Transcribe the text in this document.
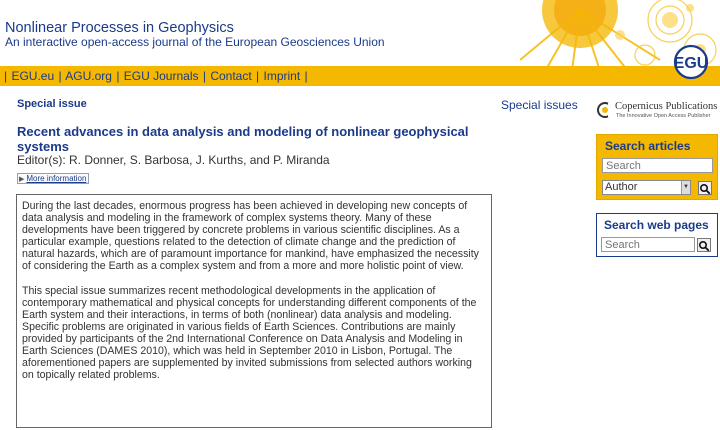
Nonlinear Processes in Geophysics
An interactive open-access journal of the European Geosciences Union
| EGU.eu | AGU.org | EGU Journals | Contact | Imprint |
EGU
Special issue	Special issues
Recent advances in data analysis and modeling of nonlinear geophysical systems
Editor(s): R. Donner, S. Barbosa, J. Kurths, and P. Miranda
▶ More information

During the last decades, enormous progress has been achieved in developing new concepts of data analysis and modeling in the framework of complex systems theory. Many of these developments have been triggered by concrete problems in various scientific disciplines. As a particular example, questions related to the detection of climate change and the prediction of natural hazards, which are of paramount importance for mankind, have emphasized the necessity of considering the Earth as a complex system and from a more and more holistic point of view.

This special issue summarizes recent methodological developments in the application of contemporary mathematical and physical concepts for understanding different components of the Earth system and their interactions, in terms of both (nonlinear) data analysis and modeling. Specific problems are originated in various fields of Earth Sciences. Contributions are mainly provided by participants of the 2nd International Conference on Data Analysis and Modeling in Earth Sciences (DAMES 2010), which was held in September 2010 in Lisbon, Portugal. The aforementioned papers are supplemented by invited submissions from selected authors working on topically related problems.

Copernicus Publications
The Innovative Open Access Publisher
Search articles
Search
Author	▼
Search web pages
Search
